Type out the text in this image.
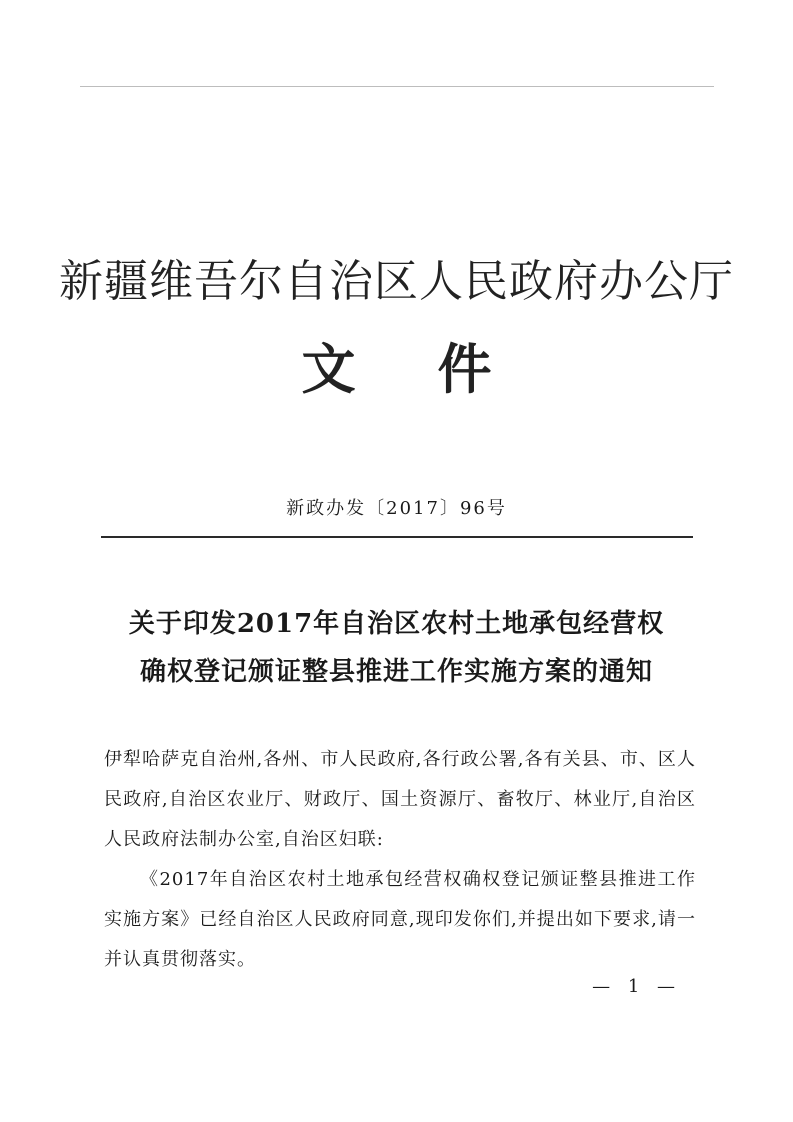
新疆维吾尔自治区人民政府办公厅
文 件
新政办发〔2017〕96号
关于印发2017年自治区农村土地承包经营权
确权登记颁证整县推进工作实施方案的通知

伊犁哈萨克自治州,各州、市人民政府,各行政公署,各有关县、市、区人民政府,自治区农业厅、财政厅、国土资源厅、畜牧厅、林业厅,自治区人民政府法制办公室,自治区妇联:

《2017年自治区农村土地承包经营权确权登记颁证整县推进工作实施方案》已经自治区人民政府同意,现印发你们,并提出如下要求,请一并认真贯彻落实。

— 1 —
